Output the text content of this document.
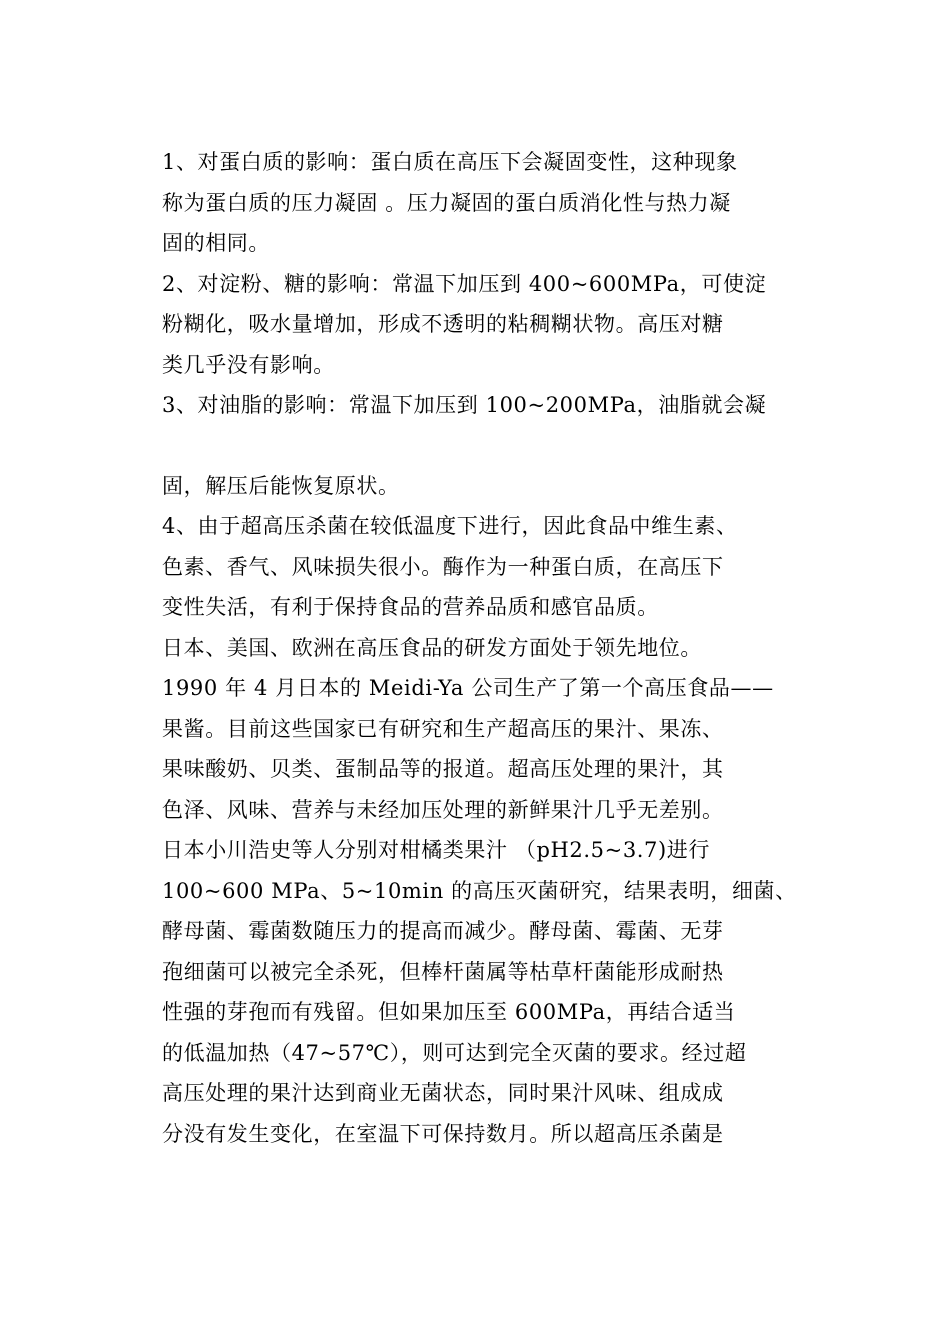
1、对蛋白质的影响：蛋白质在高压下会凝固变性，这种现象
称为蛋白质的压力凝固 。压力凝固的蛋白质消化性与热力凝
固的相同。
2、对淀粉、糖的影响：常温下加压到 400~600MPa，可使淀
粉糊化，吸水量增加，形成不透明的粘稠糊状物。高压对糖
类几乎没有影响。
3、对油脂的影响：常温下加压到 100~200MPa，油脂就会凝
固，解压后能恢复原状。
4、由于超高压杀菌在较低温度下进行，因此食品中维生素、
色素、香气、风味损失很小。酶作为一种蛋白质，在高压下
变性失活，有利于保持食品的营养品质和感官品质。
日本、美国、欧洲在高压食品的研发方面处于领先地位。
1990 年 4 月日本的 Meidi-Ya 公司生产了第一个高压食品——
果酱。目前这些国家已有研究和生产超高压的果汁、果冻、
果味酸奶、贝类、蛋制品等的报道。超高压处理的果汁，其
色泽、风味、营养与未经加压处理的新鲜果汁几乎无差别。
日本小川浩史等人分别对柑橘类果汁 （pH2.5~3.7)进行
100~600 MPa、5~10min 的高压灭菌研究，结果表明，细菌、
酵母菌、霉菌数随压力的提高而减少。酵母菌、霉菌、无芽
孢细菌可以被完全杀死，但棒杆菌属等枯草杆菌能形成耐热
性强的芽孢而有残留。但如果加压至 600MPa，再结合适当
的低温加热（47~57℃），则可达到完全灭菌的要求。经过超
高压处理的果汁达到商业无菌状态，同时果汁风味、组成成
分没有发生变化，在室温下可保持数月。所以超高压杀菌是
